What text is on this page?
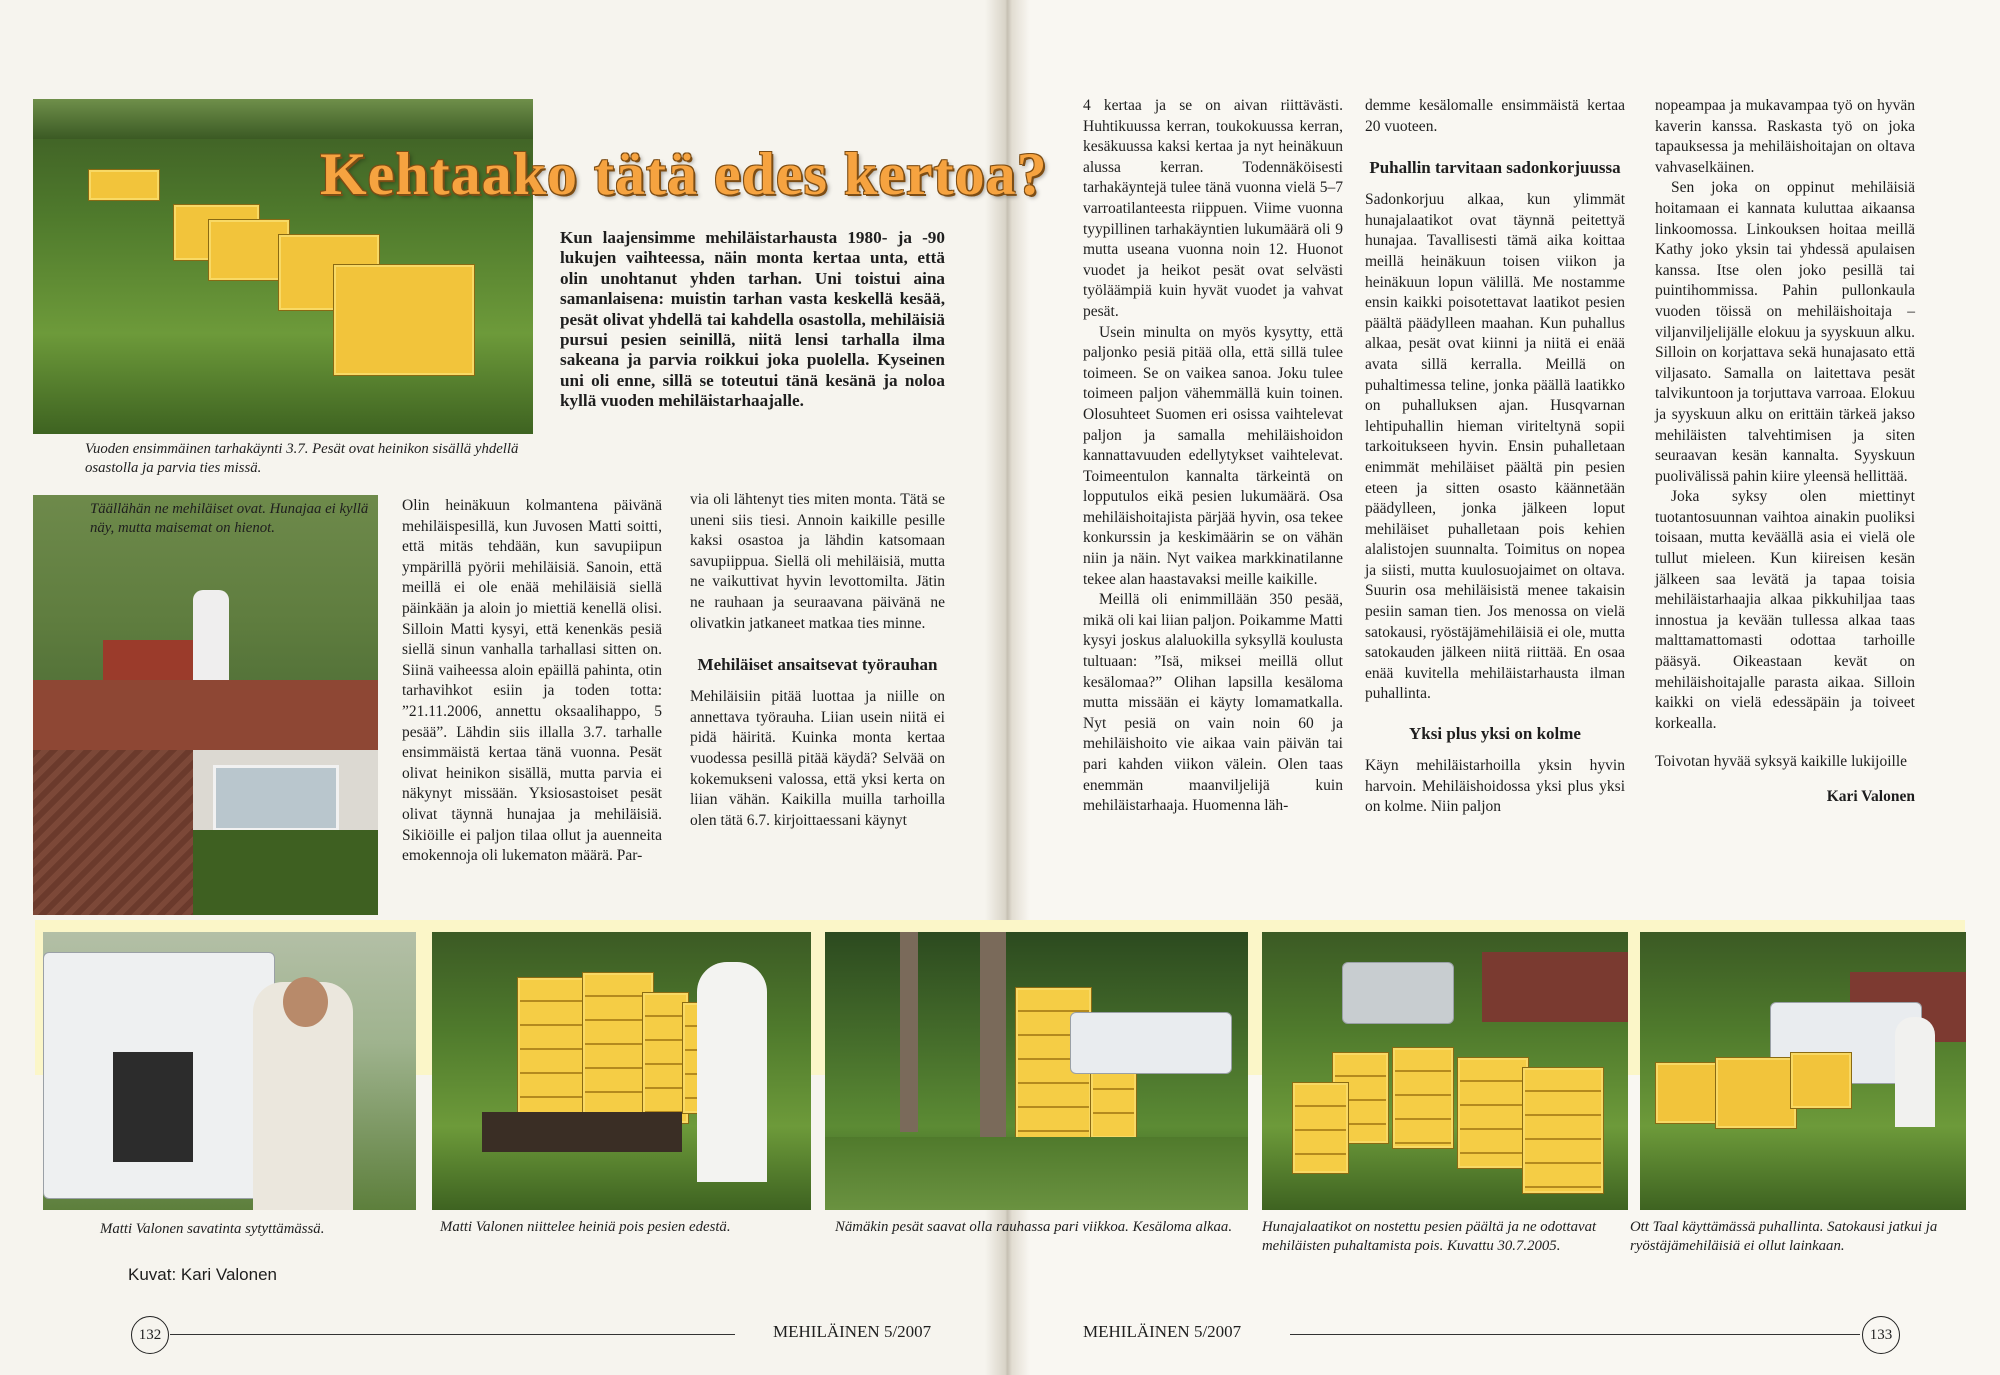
Kehtaako tätä edes kertoa?
Kun laajensimme mehiläistarhausta 1980- ja -90 lukujen vaihteessa, näin monta kertaa unta, että olin unohtanut yhden tarhan. Uni toistui aina samanlaisena: muistin tarhan vasta keskellä kesää, pesät olivat yhdellä tai kahdella osastolla, mehiläisiä pursui pesien seinillä, niitä lensi tarhalla ilma sakeana ja parvia roikkui joka puolella. Kyseinen uni oli enne, sillä se toteutui tänä kesänä ja noloa kyllä vuoden mehiläistarhaajalle.
Vuoden ensimmäinen tarhakäynti 3.7. Pesät ovat heinikon sisällä yhdellä osastolla ja parvia ties missä.
Täällähän ne mehiläiset ovat. Hunajaa ei kyllä näy, mutta maisemat on hienot.

Olin heinäkuun kolmantena päivänä mehiläispesillä, kun Juvosen Matti soitti, että mitäs tehdään, kun savupiipun ympärillä pyörii mehiläisiä. Sanoin, että meillä ei ole enää mehiläisiä siellä päinkään ja aloin jo miettiä kenellä olisi. Silloin Matti kysyi, että kenenkäs pesiä siellä sinun vanhalla tarhallasi sitten on. Siinä vaiheessa aloin epäillä pahinta, otin tarhavihkot esiin ja toden totta: ”21.11.2006, annettu oksaalihappo, 5 pesää”. Lähdin siis illalla 3.7. tarhalle ensimmäistä kertaa tänä vuonna. Pesät olivat heinikon sisällä, mutta parvia ei näkynyt missään. Yksiosastoiset pesät olivat täynnä hunajaa ja mehiläisiä. Sikiöille ei paljon tilaa ollut ja auenneita emokennoja oli lukematon määrä. Par-

via oli lähtenyt ties miten monta. Tätä se uneni siis tiesi. Annoin kaikille pesille kaksi osastoa ja lähdin katsomaan savupiippua. Siellä oli mehiläisiä, mutta ne vaikuttivat hyvin levottomilta. Jätin ne rauhaan ja seuraavana päivänä ne olivatkin jatkaneet matkaa ties minne.

Mehiläiset ansaitsevat työrauhan

Mehiläisiin pitää luottaa ja niille on annettava työrauha. Liian usein niitä ei pidä häiritä. Kuinka monta kertaa vuodessa pesillä pitää käydä? Selvää on kokemukseni valossa, että yksi kerta on liian vähän. Kaikilla muilla tarhoilla olen tätä 6.7. kirjoittaessani käynyt

4 kertaa ja se on aivan riittävästi. Huhtikuussa kerran, toukokuussa kerran, kesäkuussa kaksi kertaa ja nyt heinäkuun alussa kerran. Todennäköisesti tarhakäyntejä tulee tänä vuonna vielä 5–7 varroatilanteesta riippuen. Viime vuonna tyypillinen tarhakäyntien lukumäärä oli 9 mutta useana vuonna noin 12. Huonot vuodet ja heikot pesät ovat selvästi työläämpiä kuin hyvät vuodet ja vahvat pesät.

Usein minulta on myös kysytty, että paljonko pesiä pitää olla, että sillä tulee toimeen. Se on vaikea sanoa. Joku tulee toimeen paljon vähemmällä kuin toinen. Olosuhteet Suomen eri osissa vaihtelevat paljon ja samalla mehiläishoidon kannattavuuden edellytykset vaihtelevat. Toimeentulon kannalta tärkeintä on lopputulos eikä pesien lukumäärä. Osa mehiläishoitajista pärjää hyvin, osa tekee konkurssin ja keskimäärin se on vähän niin ja näin. Nyt vaikea markkinatilanne tekee alan haastavaksi meille kaikille.

Meillä oli enimmillään 350 pesää, mikä oli kai liian paljon. Poikamme Matti kysyi joskus alaluokilla syksyllä koulusta tultuaan: ”Isä, miksei meillä ollut kesälomaa?” Olihan lapsilla kesäloma mutta missään ei käyty lomamatkalla. Nyt pesiä on vain noin 60 ja mehiläishoito vie aikaa vain päivän tai pari kahden viikon välein. Olen taas enemmän maanviljelijä kuin mehiläistarhaaja. Huomenna läh-

demme kesälomalle ensimmäistä kertaa 20 vuoteen.

Puhallin tarvitaan sadonkorjuussa

Sadonkorjuu alkaa, kun ylimmät hunajalaatikot ovat täynnä peitettyä hunajaa. Tavallisesti tämä aika koittaa meillä heinäkuun toisen viikon ja heinäkuun lopun välillä. Me nostamme ensin kaikki poisotettavat laatikot pesien päältä päädylleen maahan. Kun puhallus alkaa, pesät ovat kiinni ja niitä ei enää avata sillä kerralla. Meillä on puhaltimessa teline, jonka päällä laatikko on puhalluksen ajan. Husqvarnan lehtipuhallin hieman viriteltynä sopii tarkoitukseen hyvin. Ensin puhalletaan enimmät mehiläiset päältä pin pesien eteen ja sitten osasto käännetään päädylleen, jonka jälkeen loput mehiläiset puhalletaan pois kehien alalistojen suunnalta. Toimitus on nopea ja siisti, mutta kuulosuojaimet on oltava. Suurin osa mehiläisistä menee takaisin pesiin saman tien. Jos menossa on vielä satokausi, ryöstäjämehiläisiä ei ole, mutta satokauden jälkeen niitä riittää. En osaa enää kuvitella mehiläistarhausta ilman puhallinta.

Yksi plus yksi on kolme

Käyn mehiläistarhoilla yksin hyvin harvoin. Mehiläishoidossa yksi plus yksi on kolme. Niin paljon

nopeampaa ja mukavampaa työ on hyvän kaverin kanssa. Raskasta työ on joka tapauksessa ja mehiläishoitajan on oltava vahvaselkäinen.

Sen joka on oppinut mehiläisiä hoitamaan ei kannata kuluttaa aikaansa linkoomossa. Linkouksen hoitaa meillä Kathy joko yksin tai yhdessä apulaisen kanssa. Itse olen joko pesillä tai puintihommissa. Pahin pullonkaula vuoden töissä on mehiläishoitaja – viljanviljelijälle elokuu ja syyskuun alku. Silloin on korjattava sekä hunajasato että viljasato. Samalla on laitettava pesät talvikuntoon ja torjuttava varroaa. Elokuu ja syyskuun alku on erittäin tärkeä jakso mehiläisten talvehtimisen ja siten seuraavan kesän kannalta. Syyskuun puolivälissä pahin kiire yleensä hellittää.

Joka syksy olen miettinyt tuotantosuunnan vaihtoa ainakin puoliksi toisaan, mutta keväällä asia ei vielä ole tullut mieleen. Kun kiireisen kesän jälkeen saa levätä ja tapaa toisia mehiläistarhaajia alkaa pikkuhiljaa taas innostua ja kevään tullessa alkaa taas malttamattomasti odottaa tarhoille pääsyä. Oikeastaan kevät on mehiläishoitajalle parasta aikaa. Silloin kaikki on vielä edessäpäin ja toiveet korkealla.

Toivotan hyvää syksyä kaikille lukijoille

Kari Valonen

Matti Valonen savatinta sytyttämässä.	Matti Valonen niittelee heiniä pois pesien edestä.	Nämäkin pesät saavat olla rauhassa pari viikkoa. Kesäloma alkaa.	Hunajalaatikot on nostettu pesien päältä ja ne odottavat mehiläisten puhaltamista pois. Kuvattu 30.7.2005.
Ott Taal käyttämässä puhallinta. Satokausi jatkui ja ryöstäjämehiläisiä ei ollut lainkaan.
Kuvat: Kari Valonen
132	MEHILÄINEN 5/2007	MEHILÄINEN 5/2007	133
